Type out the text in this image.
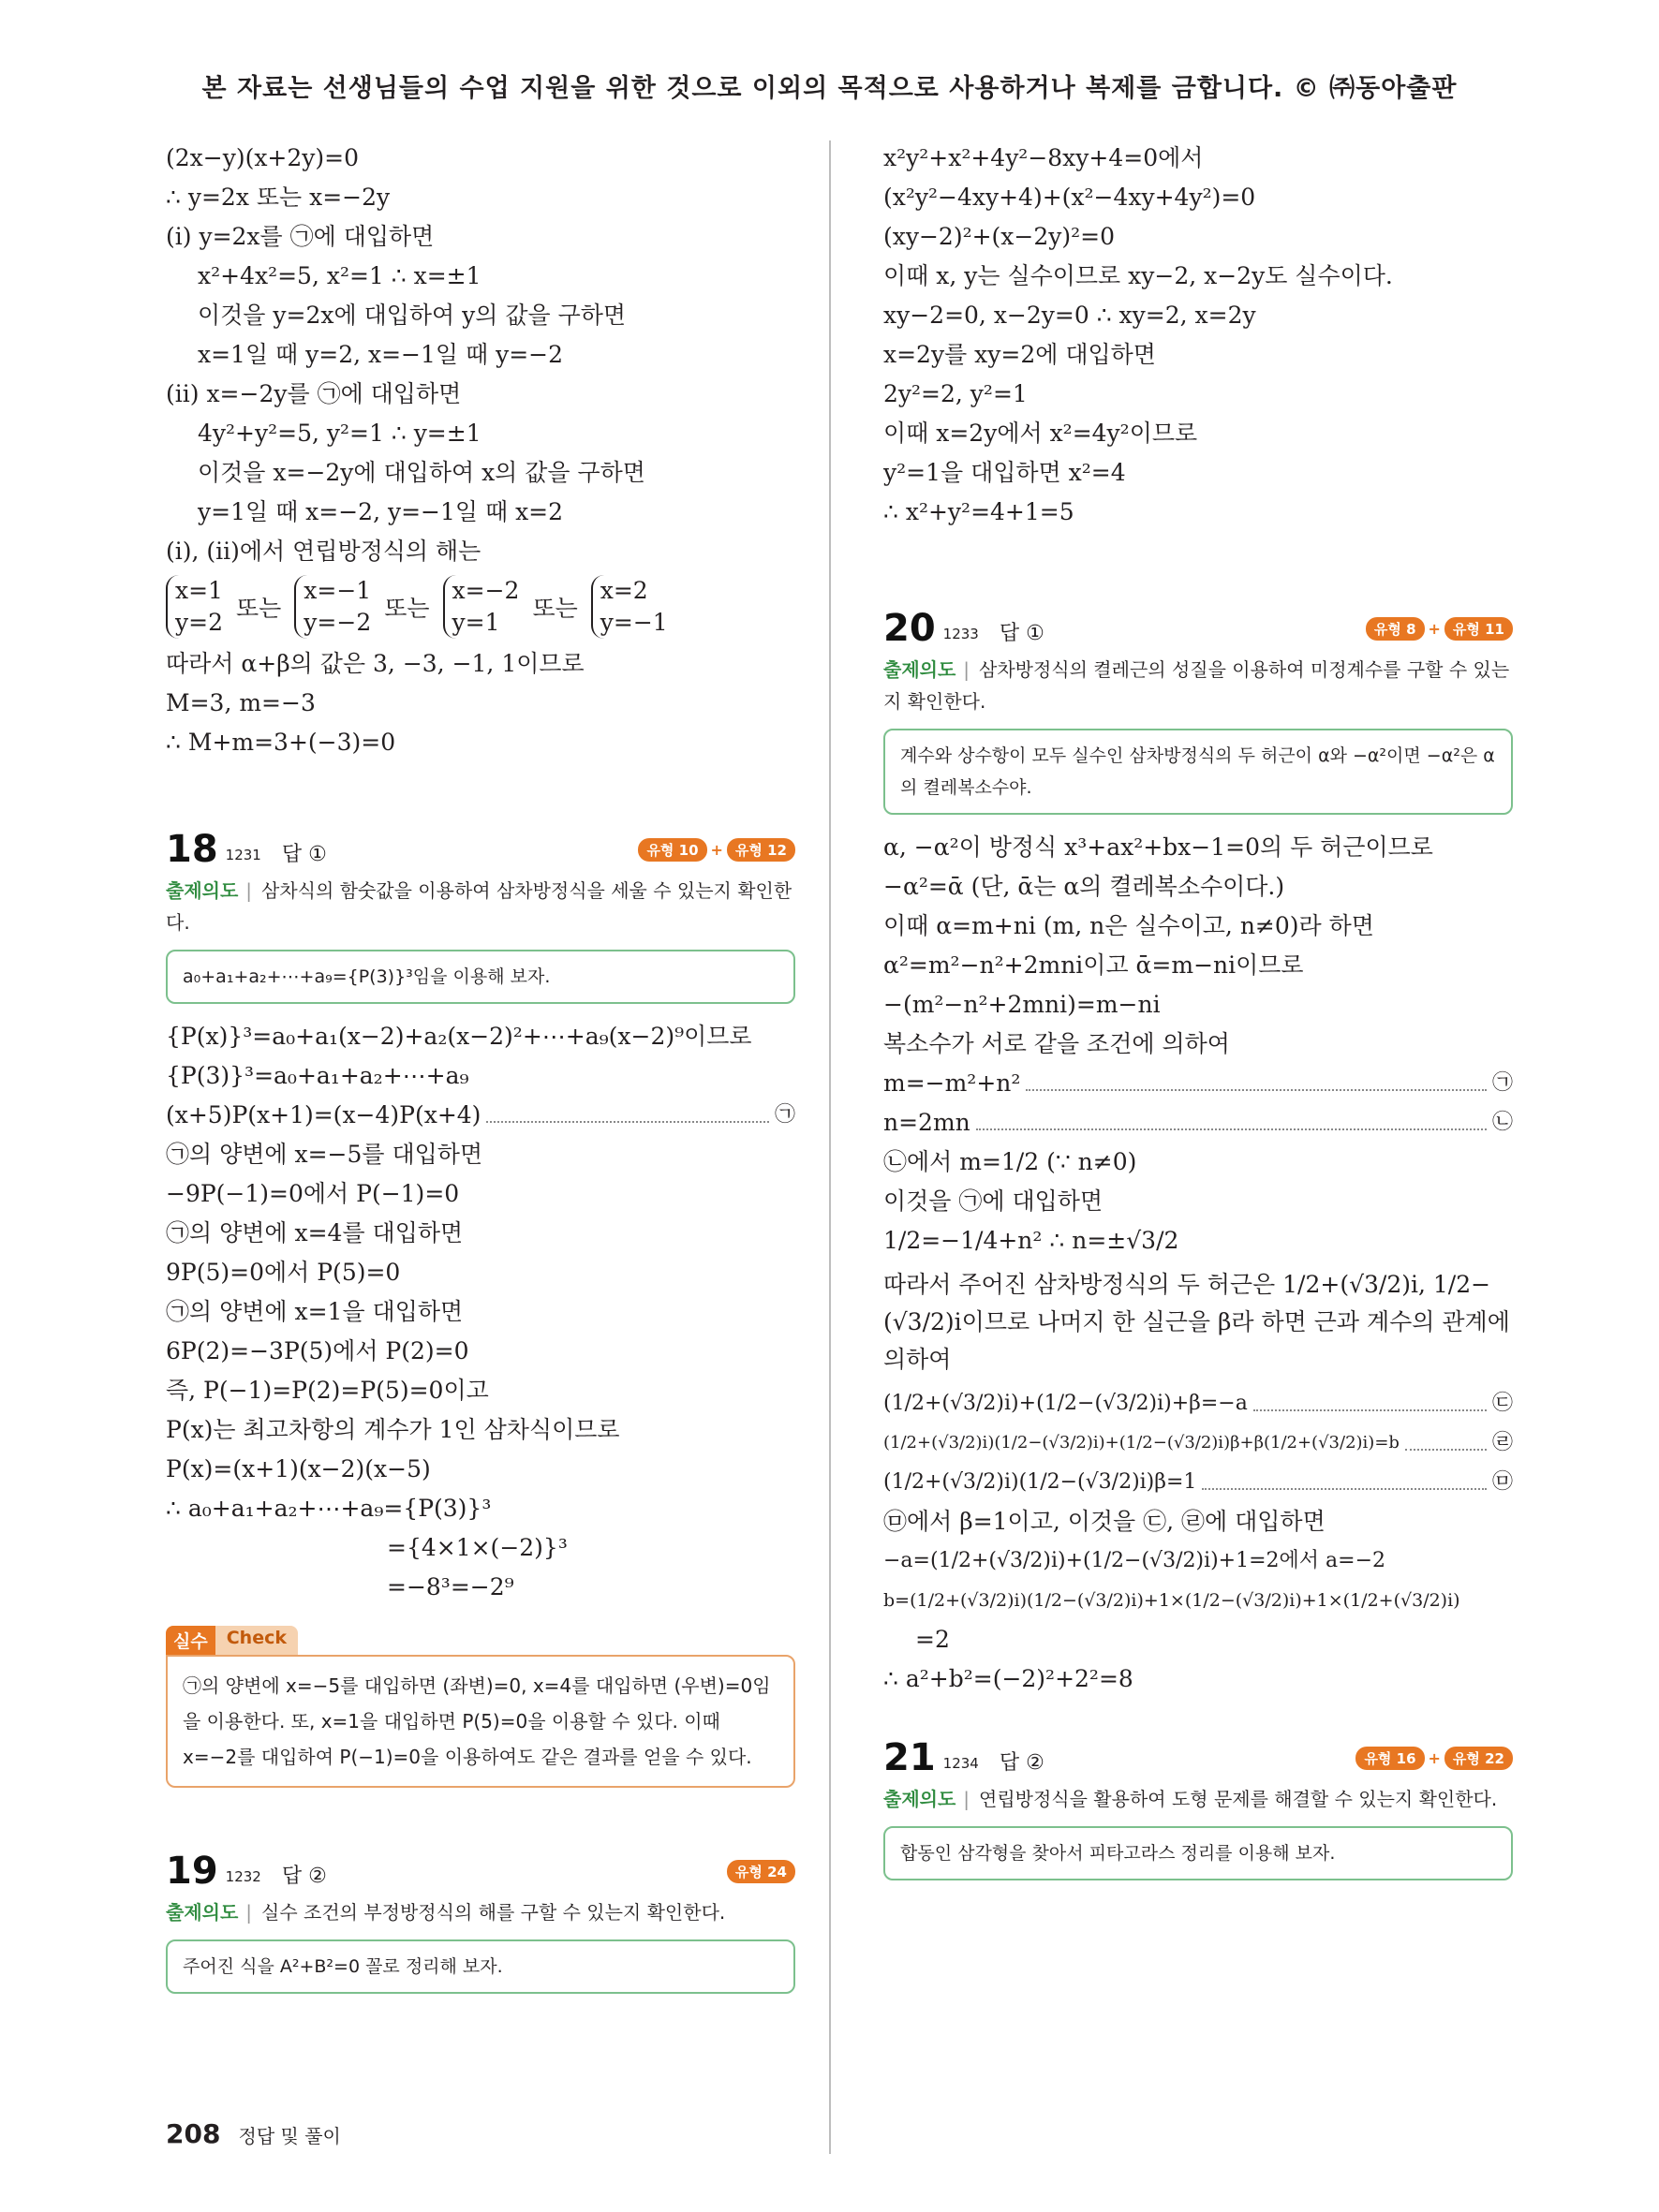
본 자료는 선생님들의 수업 지원을 위한 것으로 이외의 목적으로 사용하거나 복제를 금합니다. © ㈜동아출판
(2x−y)(x+2y)=0
∴ y=2x 또는 x=−2y
(ⅰ) y=2x를 ㉠에 대입하면
x²+4x²=5, x²=1 ∴ x=±1
이것을 y=2x에 대입하여 y의 값을 구하면
x=1일 때 y=2, x=−1일 때 y=−2
(ⅱ) x=−2y를 ㉠에 대입하면
4y²+y²=5, y²=1 ∴ y=±1
이것을 x=−2y에 대입하여 x의 값을 구하면
y=1일 때 x=−2, y=−1일 때 x=2
(ⅰ), (ⅱ)에서 연립방정식의 해는
x=1
y=2
또는
x=−1
y=−2
또는
x=−2
y=1
또는
x=2
y=−1
따라서 α+β의 값은 3, −3, −1, 1이므로
M=3, m=−3
∴ M+m=3+(−3)=0
18 1231 답 ①	유형 10 + 유형 12
출제의도 | 삼차식의 함숫값을 이용하여 삼차방정식을 세울 수 있는지 확인한다.
a₀+a₁+a₂+⋯+a₉={P(3)}³임을 이용해 보자.
{P(x)}³=a₀+a₁(x−2)+a₂(x−2)²+⋯+a₉(x−2)⁹이므로
{P(3)}³=a₀+a₁+a₂+⋯+a₉
(x+5)P(x+1)=(x−4)P(x+4)	㉠
㉠의 양변에 x=−5를 대입하면
−9P(−1)=0에서 P(−1)=0
㉠의 양변에 x=4를 대입하면
9P(5)=0에서 P(5)=0
㉠의 양변에 x=1을 대입하면
6P(2)=−3P(5)에서 P(2)=0
즉, P(−1)=P(2)=P(5)=0이고
P(x)는 최고차항의 계수가 1인 삼차식이므로
P(x)=(x+1)(x−2)(x−5)
∴ a₀+a₁+a₂+⋯+a₉={P(3)}³
={4×1×(−2)}³
=−8³=−2⁹
실수	Check
㉠의 양변에 x=−5를 대입하면 (좌변)=0, x=4를 대입하면 (우변)=0임을 이용한다. 또, x=1을 대입하면 P(5)=0을 이용할 수 있다. 이때 x=−2를 대입하여 P(−1)=0을 이용하여도 같은 결과를 얻을 수 있다.
19 1232 답 ②	유형 24
출제의도 | 실수 조건의 부정방정식의 해를 구할 수 있는지 확인한다.
주어진 식을 A²+B²=0 꼴로 정리해 보자.
x²y²+x²+4y²−8xy+4=0에서
(x²y²−4xy+4)+(x²−4xy+4y²)=0
(xy−2)²+(x−2y)²=0
이때 x, y는 실수이므로 xy−2, x−2y도 실수이다.
xy−2=0, x−2y=0 ∴ xy=2, x=2y
x=2y를 xy=2에 대입하면
2y²=2, y²=1
이때 x=2y에서 x²=4y²이므로
y²=1을 대입하면 x²=4
∴ x²+y²=4+1=5
20 1233 답 ①	유형 8 + 유형 11
출제의도 | 삼차방정식의 켤레근의 성질을 이용하여 미정계수를 구할 수 있는지 확인한다.
계수와 상수항이 모두 실수인 삼차방정식의 두 허근이 α와 −α²이면 −α²은 α의 켤레복소수야.
α, −α²이 방정식 x³+ax²+bx−1=0의 두 허근이므로
−α²=ᾱ (단, ᾱ는 α의 켤레복소수이다.)
이때 α=m+ni (m, n은 실수이고, n≠0)라 하면
α²=m²−n²+2mni이고 ᾱ=m−ni이므로
−(m²−n²+2mni)=m−ni
복소수가 서로 같을 조건에 의하여
m=−m²+n²	㉠
n=2mn	㉡
㉡에서 m=1/2 (∵ n≠0)
이것을 ㉠에 대입하면
1/2=−1/4+n² ∴ n=±√3/2
따라서 주어진 삼차방정식의 두 허근은 1/2+(√3/2)i, 1/2−(√3/2)i이므로 나머지 한 실근을 β라 하면 근과 계수의 관계에 의하여
(1/2+(√3/2)i)+(1/2−(√3/2)i)+β=−a	㉢
(1/2+(√3/2)i)(1/2−(√3/2)i)+(1/2−(√3/2)i)β+β(1/2+(√3/2)i)=b	㉣
(1/2+(√3/2)i)(1/2−(√3/2)i)β=1	㉤
㉤에서 β=1이고, 이것을 ㉢, ㉣에 대입하면
−a=(1/2+(√3/2)i)+(1/2−(√3/2)i)+1=2에서 a=−2
b=(1/2+(√3/2)i)(1/2−(√3/2)i)+1×(1/2−(√3/2)i)+1×(1/2+(√3/2)i)
=2
∴ a²+b²=(−2)²+2²=8
21 1234 답 ②	유형 16 + 유형 22
출제의도 | 연립방정식을 활용하여 도형 문제를 해결할 수 있는지 확인한다.
합동인 삼각형을 찾아서 피타고라스 정리를 이용해 보자.
208 정답 및 풀이
